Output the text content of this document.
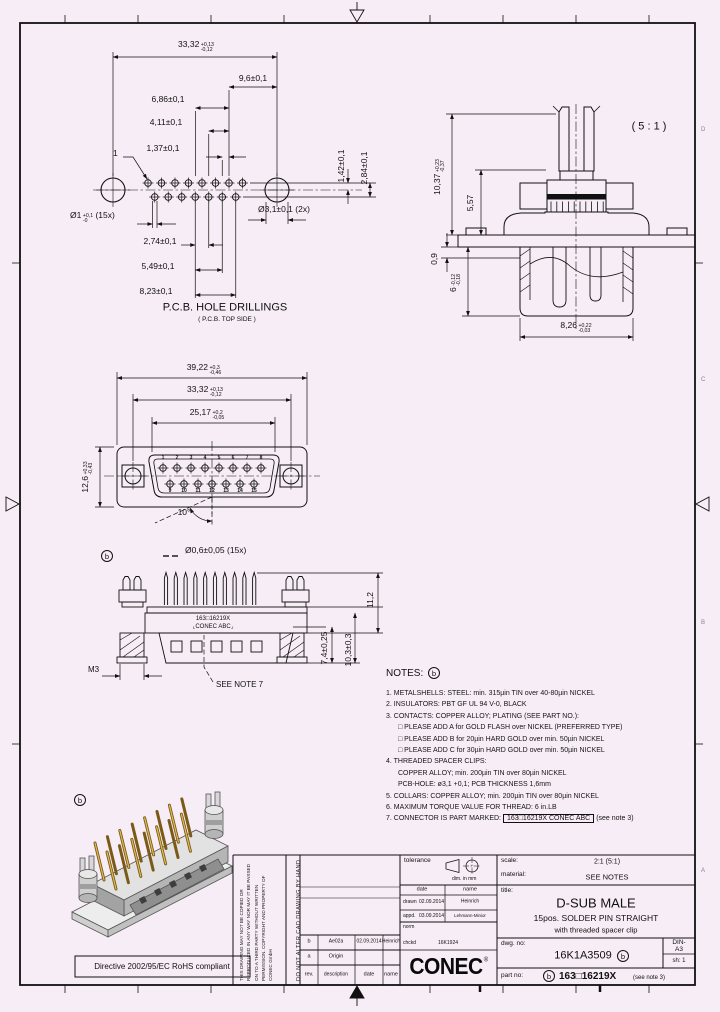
33,32 +0,13
-0,12
9,6±0,1
6,86±0,1
4,11±0,1
1,37±0,1
1	1,42±0,1 2,84±0,1
Ø1 +0,1
-0
(15x)
Ø3,1±0,1 (2x)
2,74±0,1
5,49±0,1
8,23±0,1
P.C.B. HOLE DRILLINGS
( P.C.B. TOP SIDE )
( 5 : 1 )
10,37
+0,23 -0,37
5,57
0,9
6
-0,12 -0,18
8,26 +0,22
-0,03
39,22 +0,3
-0,46
33,32 +0,13
-0,12
25,17 +0,2
-0,05
12,6
+0,33 -0,43
10°
Ø0,6±0,05 (15x)
b
1 2 3 4 5 6 7 8
9 10 11 12 13 14 15
163□16219X
⌞CONEC ABC⌟
M3
SEE NOTE 7
7,4±0,25 10,3±0,3
11,2
b
NOTES:	b
1. METALSHELLS: STEEL: min. 315µin TIN over 40-80µin NICKEL
2. INSULATORS: PBT GF UL 94 V-0, BLACK
3. CONTACTS: COPPER ALLOY; PLATING (SEE PART NO.):
□ PLEASE ADD A for GOLD FLASH over NICKEL (PREFERRED TYPE)
□ PLEASE ADD B for 20µin HARD GOLD over min. 50µin NICKEL
□ PLEASE ADD C for 30µin HARD GOLD over min. 50µin NICKEL
4. THREADED SPACER CLIPS:
COPPER ALLOY; min. 200µin TIN over 80µin NICKEL
PCB-HOLE: ø3,1 +0,1; PCB THICKNESS 1,6mm
5. COLLARS: COPPER ALLOY; min. 200µin TIN over 80µin NICKEL
6. MAXIMUM TORQUE VALUE FOR THREAD: 6 in.LB
7. CONNECTOR IS PART MARKED: 163□16219X CONEC ABC (see note 3)
Directive 2002/95/EC RoHS compliant THIS DRAWING MAY NOT BE COPIED OR REPRODUCED IN ANY WAY NOR MAY IT BE PASSED ON TO A THIRD PARTY WITHOUT WRITTEN PERMISSION. COPYRIGHT AND PROPERTY OF CONEC GmbH	DO NOT ALTER CAD DRAWING BY HAND b	Ae02a	02.09.2014 Heinrich
a	Origin
rev. description	date name
tolerance
dim. in mm
date	name
drawn 02.09.2014	Heinrich
appd. 03.09.2014 Lehmann-Minior
norm
chckd	16K1924
CONEC®
scale:	2:1 (5:1)
material:	SEE NOTES
title:
D-SUB MALE
15pos. SOLDER PIN STRAIGHT
with threaded spacer clip
dwg. no:
16K1A3509	b
DIN-
A3
sh: 1
part no:	b 163□16219X	(see note 3)
D
C
B
A
